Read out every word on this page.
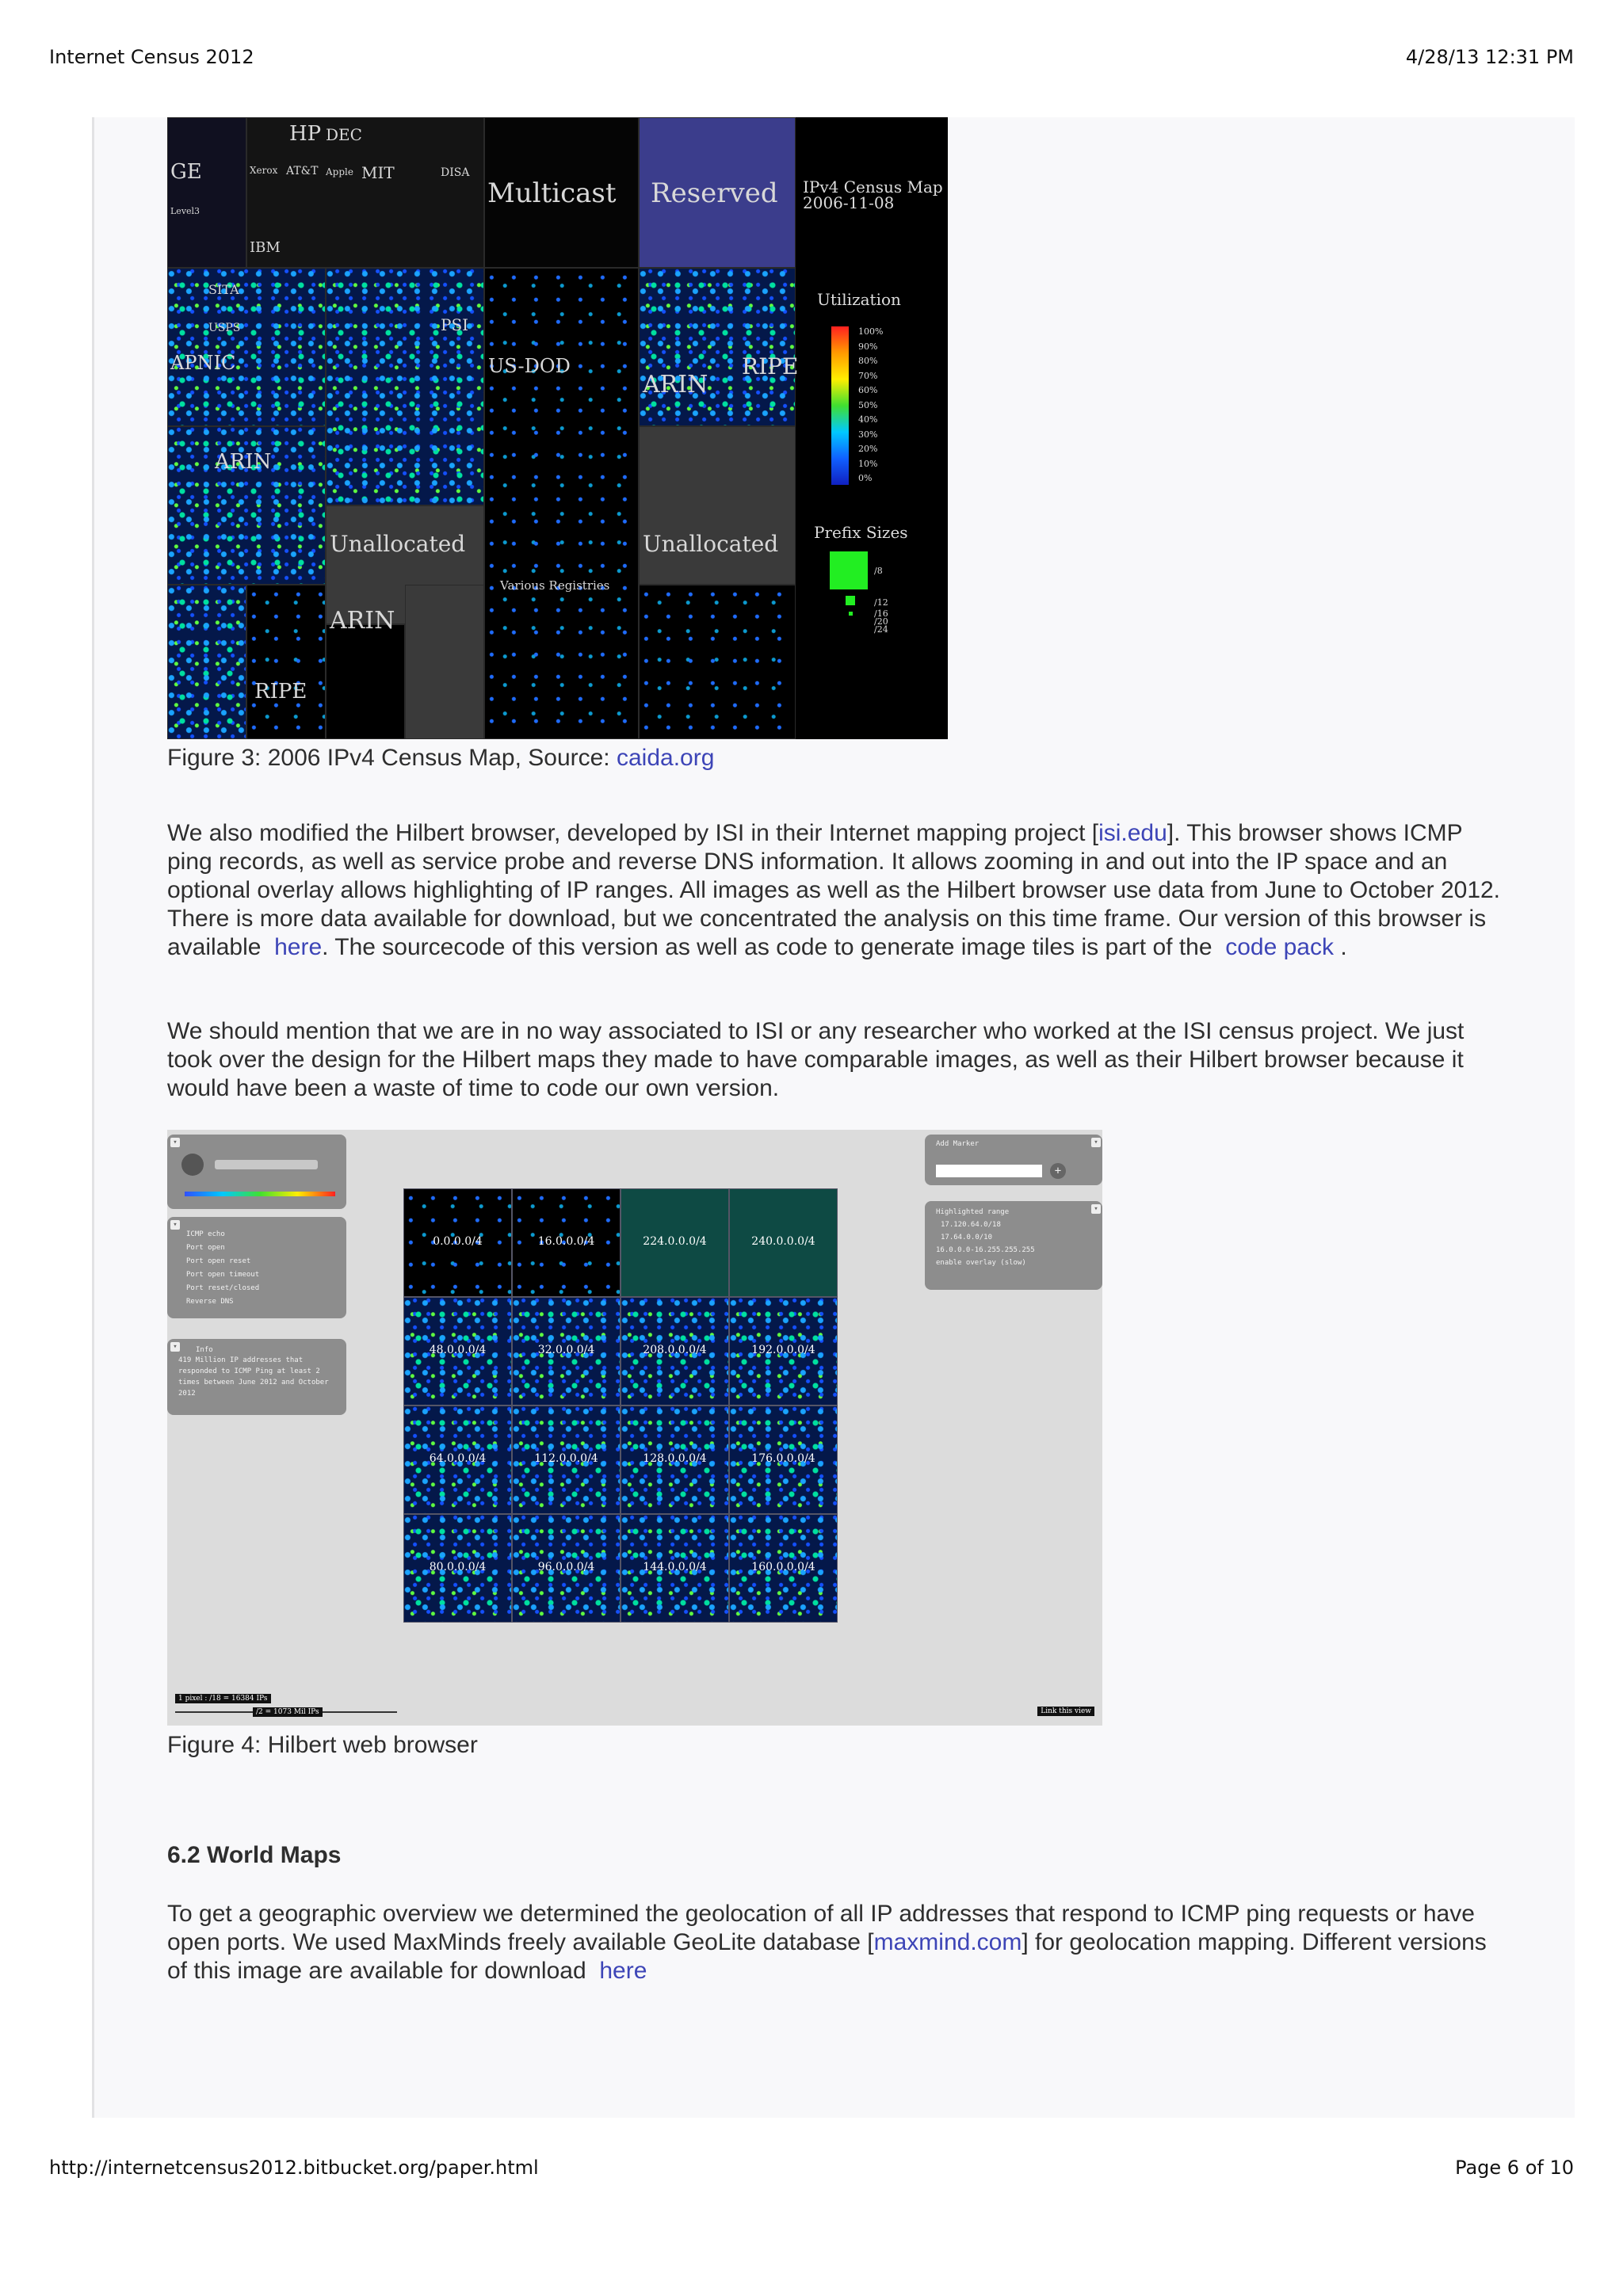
Internet Census 2012	4/28/13 12:31 PM
HP DEC
GE	Xerox AT&T Apple MIT	DISA
Level3
IBM
SITA
USPS
APNIC
ARIN
RIPE
PSI
US-DOD
Unallocated	Unallocated
ARIN
ARIN
RIPE
Various Registries
Multicast Reserved IPv4 Census Map
2006-11-08
Utilization
100%
90%
80%
70%
60%
50%
40%
30%
20%
10%
0%
Prefix Sizes
/8
/12
/16
/20
/24
Figure 3: 2006 IPv4 Census Map, Source: caida.org
We also modified the Hilbert browser, developed by ISI in their Internet mapping project [isi.edu]. This browser shows ICMP ping records, as well as service probe and reverse DNS information. It allows zooming in and out into the IP space and an optional overlay allows highlighting of IP ranges. All images as well as the Hilbert browser use data from June to October 2012. There is more data available for download, but we concentrated the analysis on this time frame. Our version of this browser is available here. The sourcecode of this version as well as code to generate image tiles is part of the code pack .
We should mention that we are in no way associated to ISI or any researcher who worked at the ISI census project. We just took over the design for the Hilbert maps they made to have comparable images, as well as their Hilbert browser because it would have been a waste of time to code our own version.
▾
▾
ICMP echo
Port open
Port open reset
Port open timeout
Port reset/closed
Reverse DNS
▾	Info
419 Million IP addresses that responded to ICMP Ping at least 2 times between June 2012 and October 2012
Add Marker	▾
+
▾
Highlighted range
17.120.64.0/18
17.64.0.0/10
16.0.0.0-16.255.255.255
enable overlay (slow)
0.0.0.0/4	16.0.0.0/4	224.0.0.0/4	240.0.0.0/4
48.0.0.0/4	32.0.0.0/4	208.0.0.0/4	192.0.0.0/4
64.0.0.0/4	112.0.0.0/4	128.0.0.0/4	176.0.0.0/4
80.0.0.0/4	96.0.0.0/4	144.0.0.0/4	160.0.0.0/4
1 pixel : /18 = 16384 IPs
/2 = 1073 Mil IPs	Link this view
Figure 4: Hilbert web browser
6.2 World Maps
To get a geographic overview we determined the geolocation of all IP addresses that respond to ICMP ping requests or have open ports. We used MaxMinds freely available GeoLite database [maxmind.com] for geolocation mapping. Different versions of this image are available for download here
http://internetcensus2012.bitbucket.org/paper.html	Page 6 of 10
